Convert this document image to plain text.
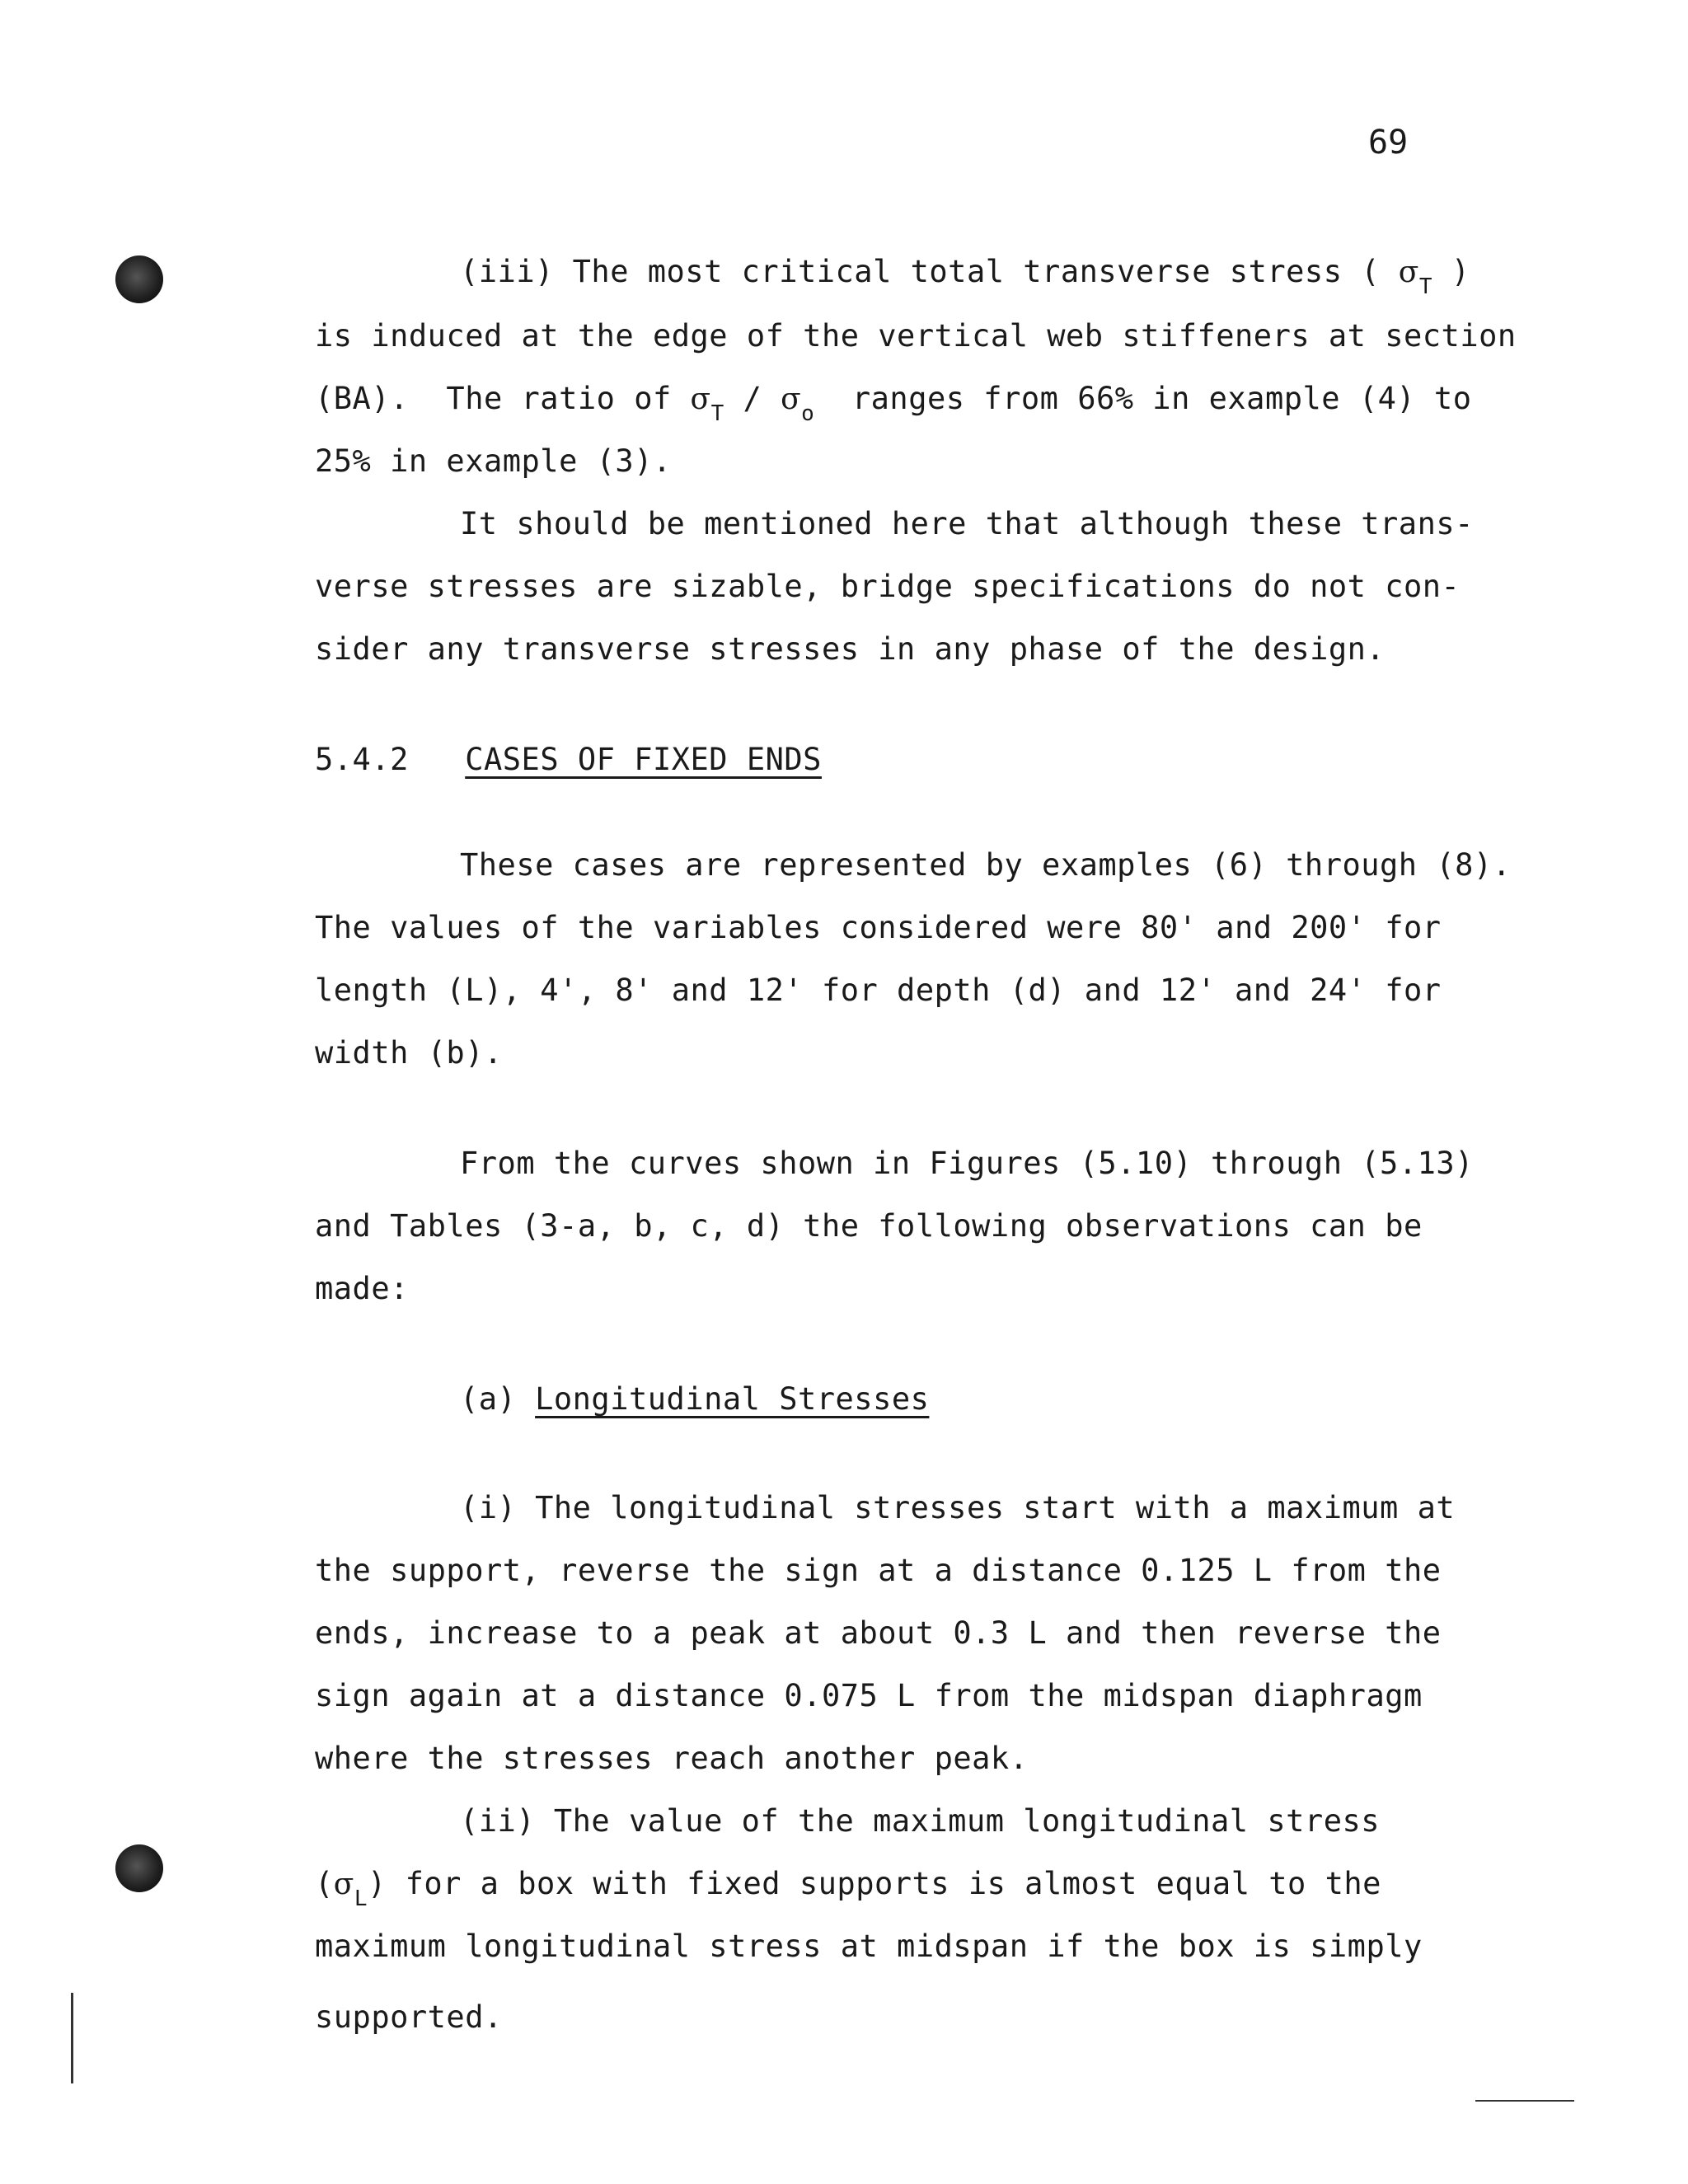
69
(iii) The most critical total transverse stress ( $\sigma_T$ )
is induced at the edge of the vertical web stiffeners at section
(BA).  The ratio of $\sigma_T / \sigma_o$  ranges from 66% in example (4) to
25% in example (3).
It should be mentioned here that although these trans-
verse stresses are sizable, bridge specifications do not con-
sider any transverse stresses in any phase of the design.
5.4.2 CASES OF FIXED ENDS
These cases are represented by examples (6) through (8).
The values of the variables considered were 80' and 200' for
length (L), 4', 8' and 12' for depth (d) and 12' and 24' for
width (b).
From the curves shown in Figures (5.10) through (5.13)
and Tables (3-a, b, c, d) the following observations can be
made:
(a) Longitudinal Stresses
(i) The longitudinal stresses start with a maximum at
the support, reverse the sign at a distance 0.125 L from the
ends, increase to a peak at about 0.3 L and then reverse the
sign again at a distance 0.075 L from the midspan diaphragm
where the stresses reach another peak.
(ii) The value of the maximum longitudinal stress
$(\sigma_L)$ for a box with fixed supports is almost equal to the
maximum longitudinal stress at midspan if the box is simply
supported.
